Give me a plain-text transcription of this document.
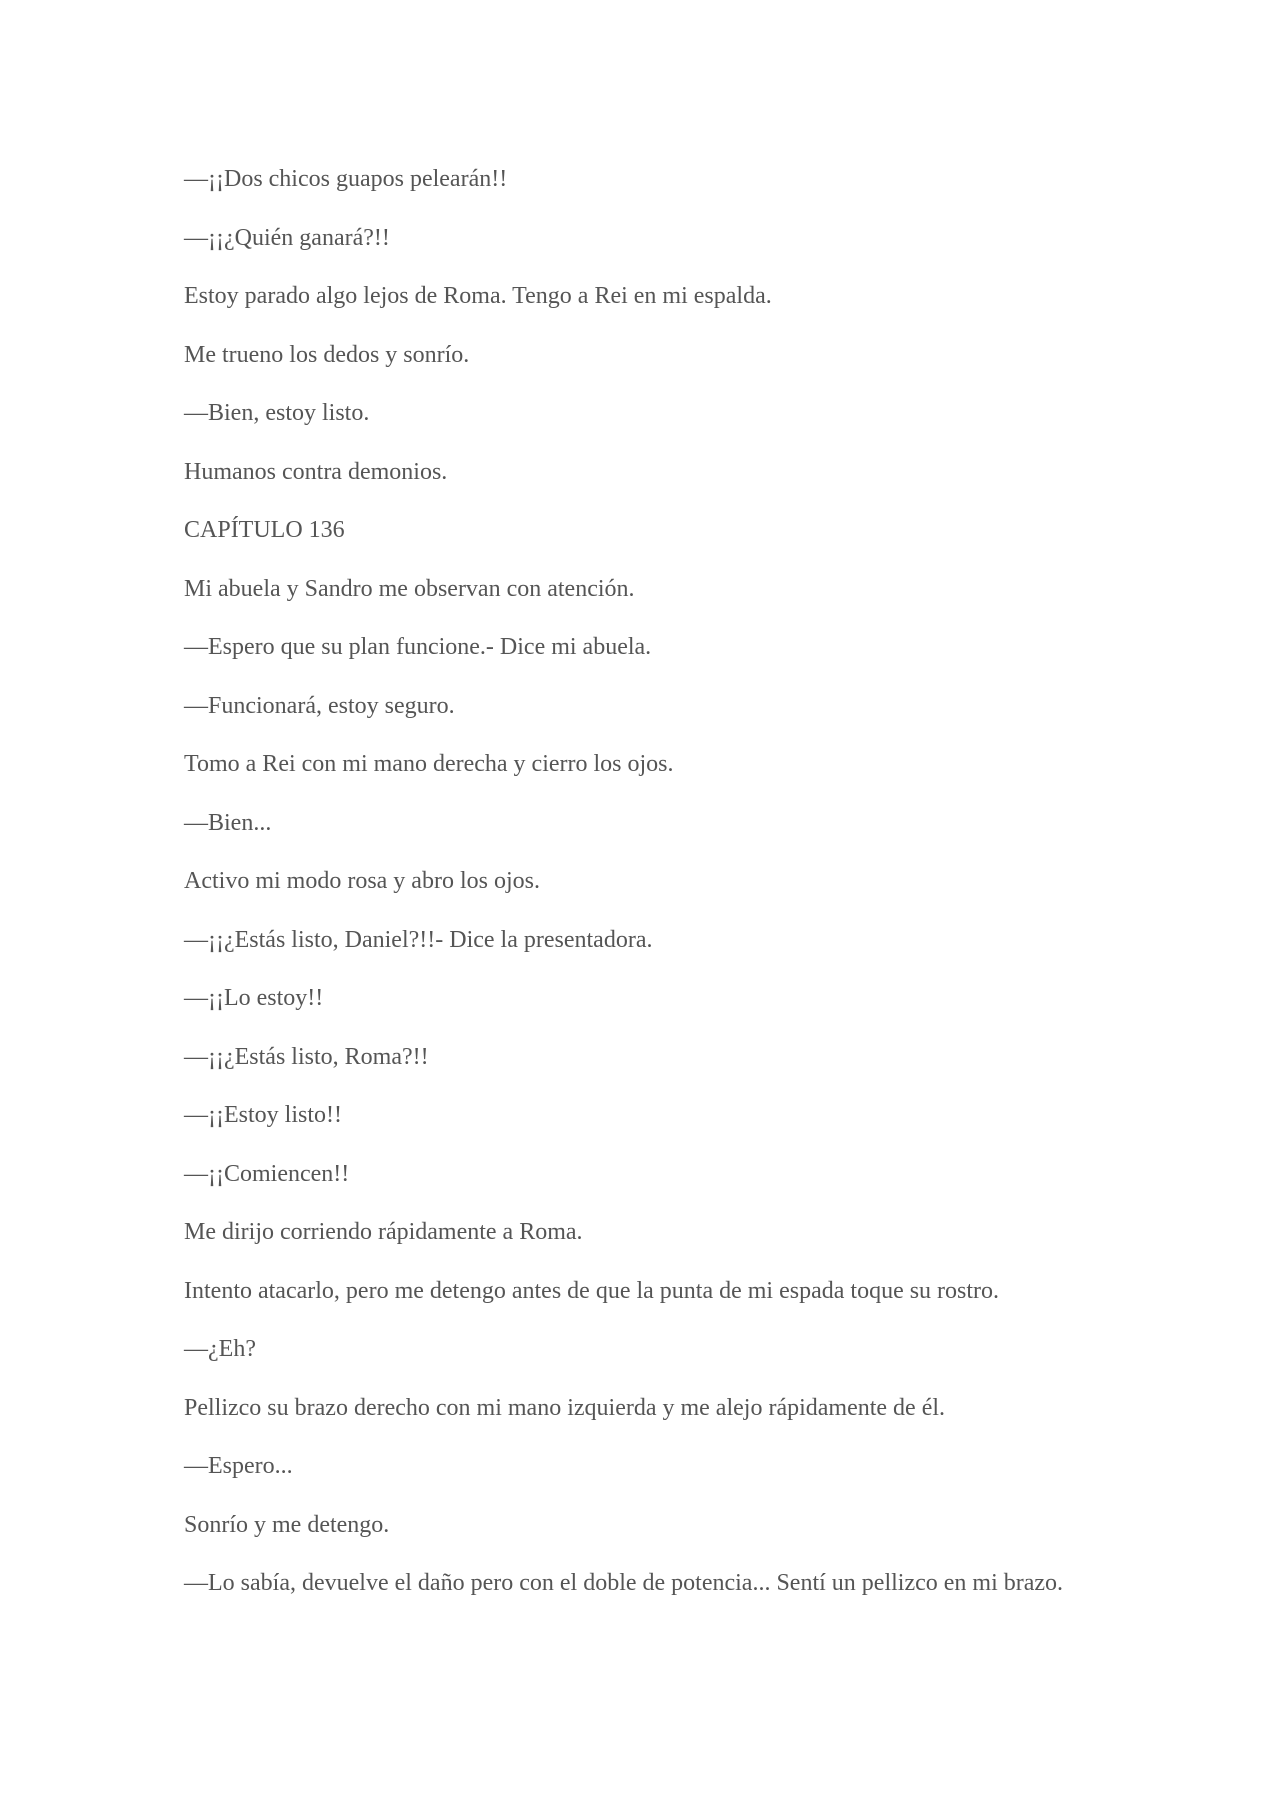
—¡¡Dos chicos guapos pelearán!!

—¡¡¿Quién ganará?!!

Estoy parado algo lejos de Roma. Tengo a Rei en mi espalda.

Me trueno los dedos y sonrío.

—Bien, estoy listo.

Humanos contra demonios.

CAPÍTULO 136

Mi abuela y Sandro me observan con atención.

—Espero que su plan funcione.- Dice mi abuela.

—Funcionará, estoy seguro.

Tomo a Rei con mi mano derecha y cierro los ojos.

—Bien...

Activo mi modo rosa y abro los ojos.

—¡¡¿Estás listo, Daniel?!!- Dice la presentadora.

—¡¡Lo estoy!!

—¡¡¿Estás listo, Roma?!!

—¡¡Estoy listo!!

—¡¡Comiencen!!

Me dirijo corriendo rápidamente a Roma.

Intento atacarlo, pero me detengo antes de que la punta de mi espada toque su rostro.

—¿Eh?

Pellizco su brazo derecho con mi mano izquierda y me alejo rápidamente de él.

—Espero...

Sonrío y me detengo.

—Lo sabía, devuelve el daño pero con el doble de potencia... Sentí un pellizco en mi brazo.
